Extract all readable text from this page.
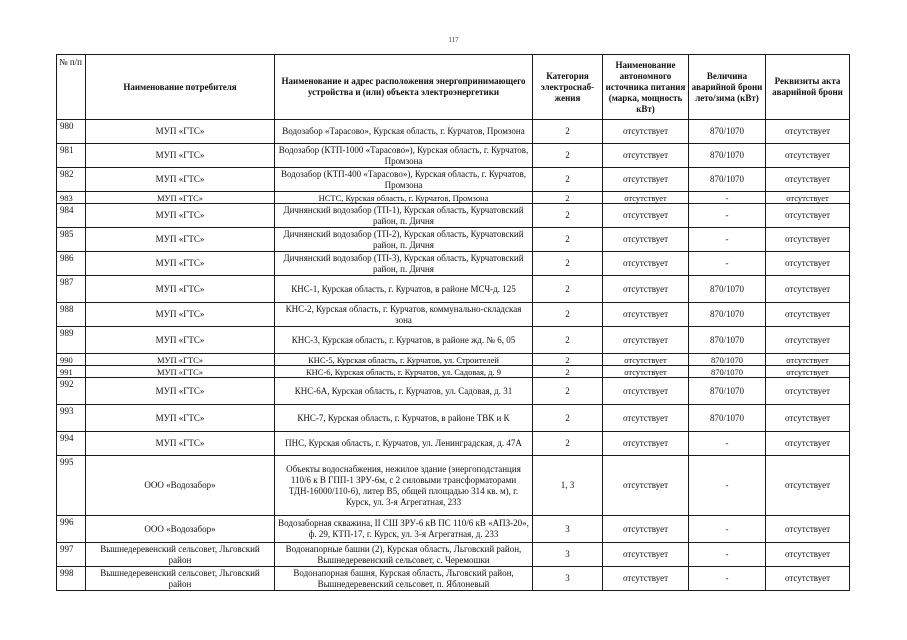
117
№ п/п	Наименование потребителя	Наименование и адрес расположения энергопринимающего устройства и (или) объекта электроэнергетики	Категория электроснаб-жения	Наименование автономного источника питания (марка, мощность кВт)	Величина аварийной брони лето/зима (кВт)	Реквизиты акта аварийной брони
980	МУП «ГТС»	Водозабор «Тарасово», Курская область, г. Курчатов, Промзона	2	отсутствует	870/1070	отсутствует
981	МУП «ГТС»	Водозабор (КТП-1000 «Тарасово»), Курская область, г. Курчатов, Промзона	2	отсутствует	870/1070	отсутствует
982	МУП «ГТС»	Водозабор (КТП-400 «Тарасово»), Курская область, г. Курчатов, Промзона	2	отсутствует	870/1070	отсутствует
983	МУП «ГТС»	НСТС, Курская область, г. Курчатов, Промзона	2	отсутствует	-	отсутствует
984	МУП «ГТС»	Дичнянский водозабор (ТП-1), Курская область, Курчатовский район, п. Дичня	2	отсутствует	-	отсутствует
985	МУП «ГТС»	Дичнянский водозабор (ТП-2), Курская область, Курчатовский район, п. Дичня	2	отсутствует	-	отсутствует
986	МУП «ГТС»	Дичнянский водозабор (ТП-3), Курская область, Курчатовский район, п. Дичня	2	отсутствует	-	отсутствует
987	МУП «ГТС»	КНС-1, Курская область, г. Курчатов, в районе МСЧ-д. 125	2	отсутствует	870/1070	отсутствует
988	МУП «ГТС»	КНС-2, Курская область, г. Курчатов, коммунально-складская зона	2	отсутствует	870/1070	отсутствует
989	МУП «ГТС»	КНС-3, Курская область, г. Курчатов, в районе жд. № 6, 05	2	отсутствует	870/1070	отсутствует
990	МУП «ГТС»	КНС-5, Курская область, г. Курчатов, ул. Строителей	2	отсутствует	870/1070	отсутствует
991	МУП «ГТС»	КНС-6, Курская область, г. Курчатов, ул. Садовая, д. 9	2	отсутствует	870/1070	отсутствует
992	МУП «ГТС»	КНС-6А, Курская область, г. Курчатов, ул. Садовая, д. 31	2	отсутствует	870/1070	отсутствует
993	МУП «ГТС»	КНС-7, Курская область, г. Курчатов, в районе ТВК и К	2	отсутствует	870/1070	отсутствует
994	МУП «ГТС»	ПНС, Курская область, г. Курчатов, ул. Ленинградская, д. 47А	2	отсутствует	-	отсутствует
995	ООО «Водозабор»	Объекты водоснабжения, нежилое здание (энергоподстанция 110/6 к В ГПП-1 ЗРУ-6м, с 2 силовыми трансформаторами ТДН-16000/110-6), литер В5, общей площадью 314 кв. м), г. Курск, ул. 3-я Агрегатная, 233	1, 3	отсутствует	-	отсутствует
996	ООО «Водозабор»	Водозаборная скважина, II СШ ЗРУ-6 кВ ПС 110/6 кВ «АПЗ-20», ф. 29, КТП-17, г. Курск, ул. 3-я Агрегатная, д. 233	3	отсутствует	-	отсутствует
997	Вышнедеревенский сельсовет, Льговский район	Водонапорные башни (2), Курская область, Льговский район, Вышнедеревенский сельсовет, с. Черемошки	3	отсутствует	-	отсутствует
998	Вышнедеревенский сельсовет, Льговский район	Водонапорная башня, Курская область, Льговский район, Вышнедеревенский сельсовет, п. Яблоневый	3	отсутствует	-	отсутствует
